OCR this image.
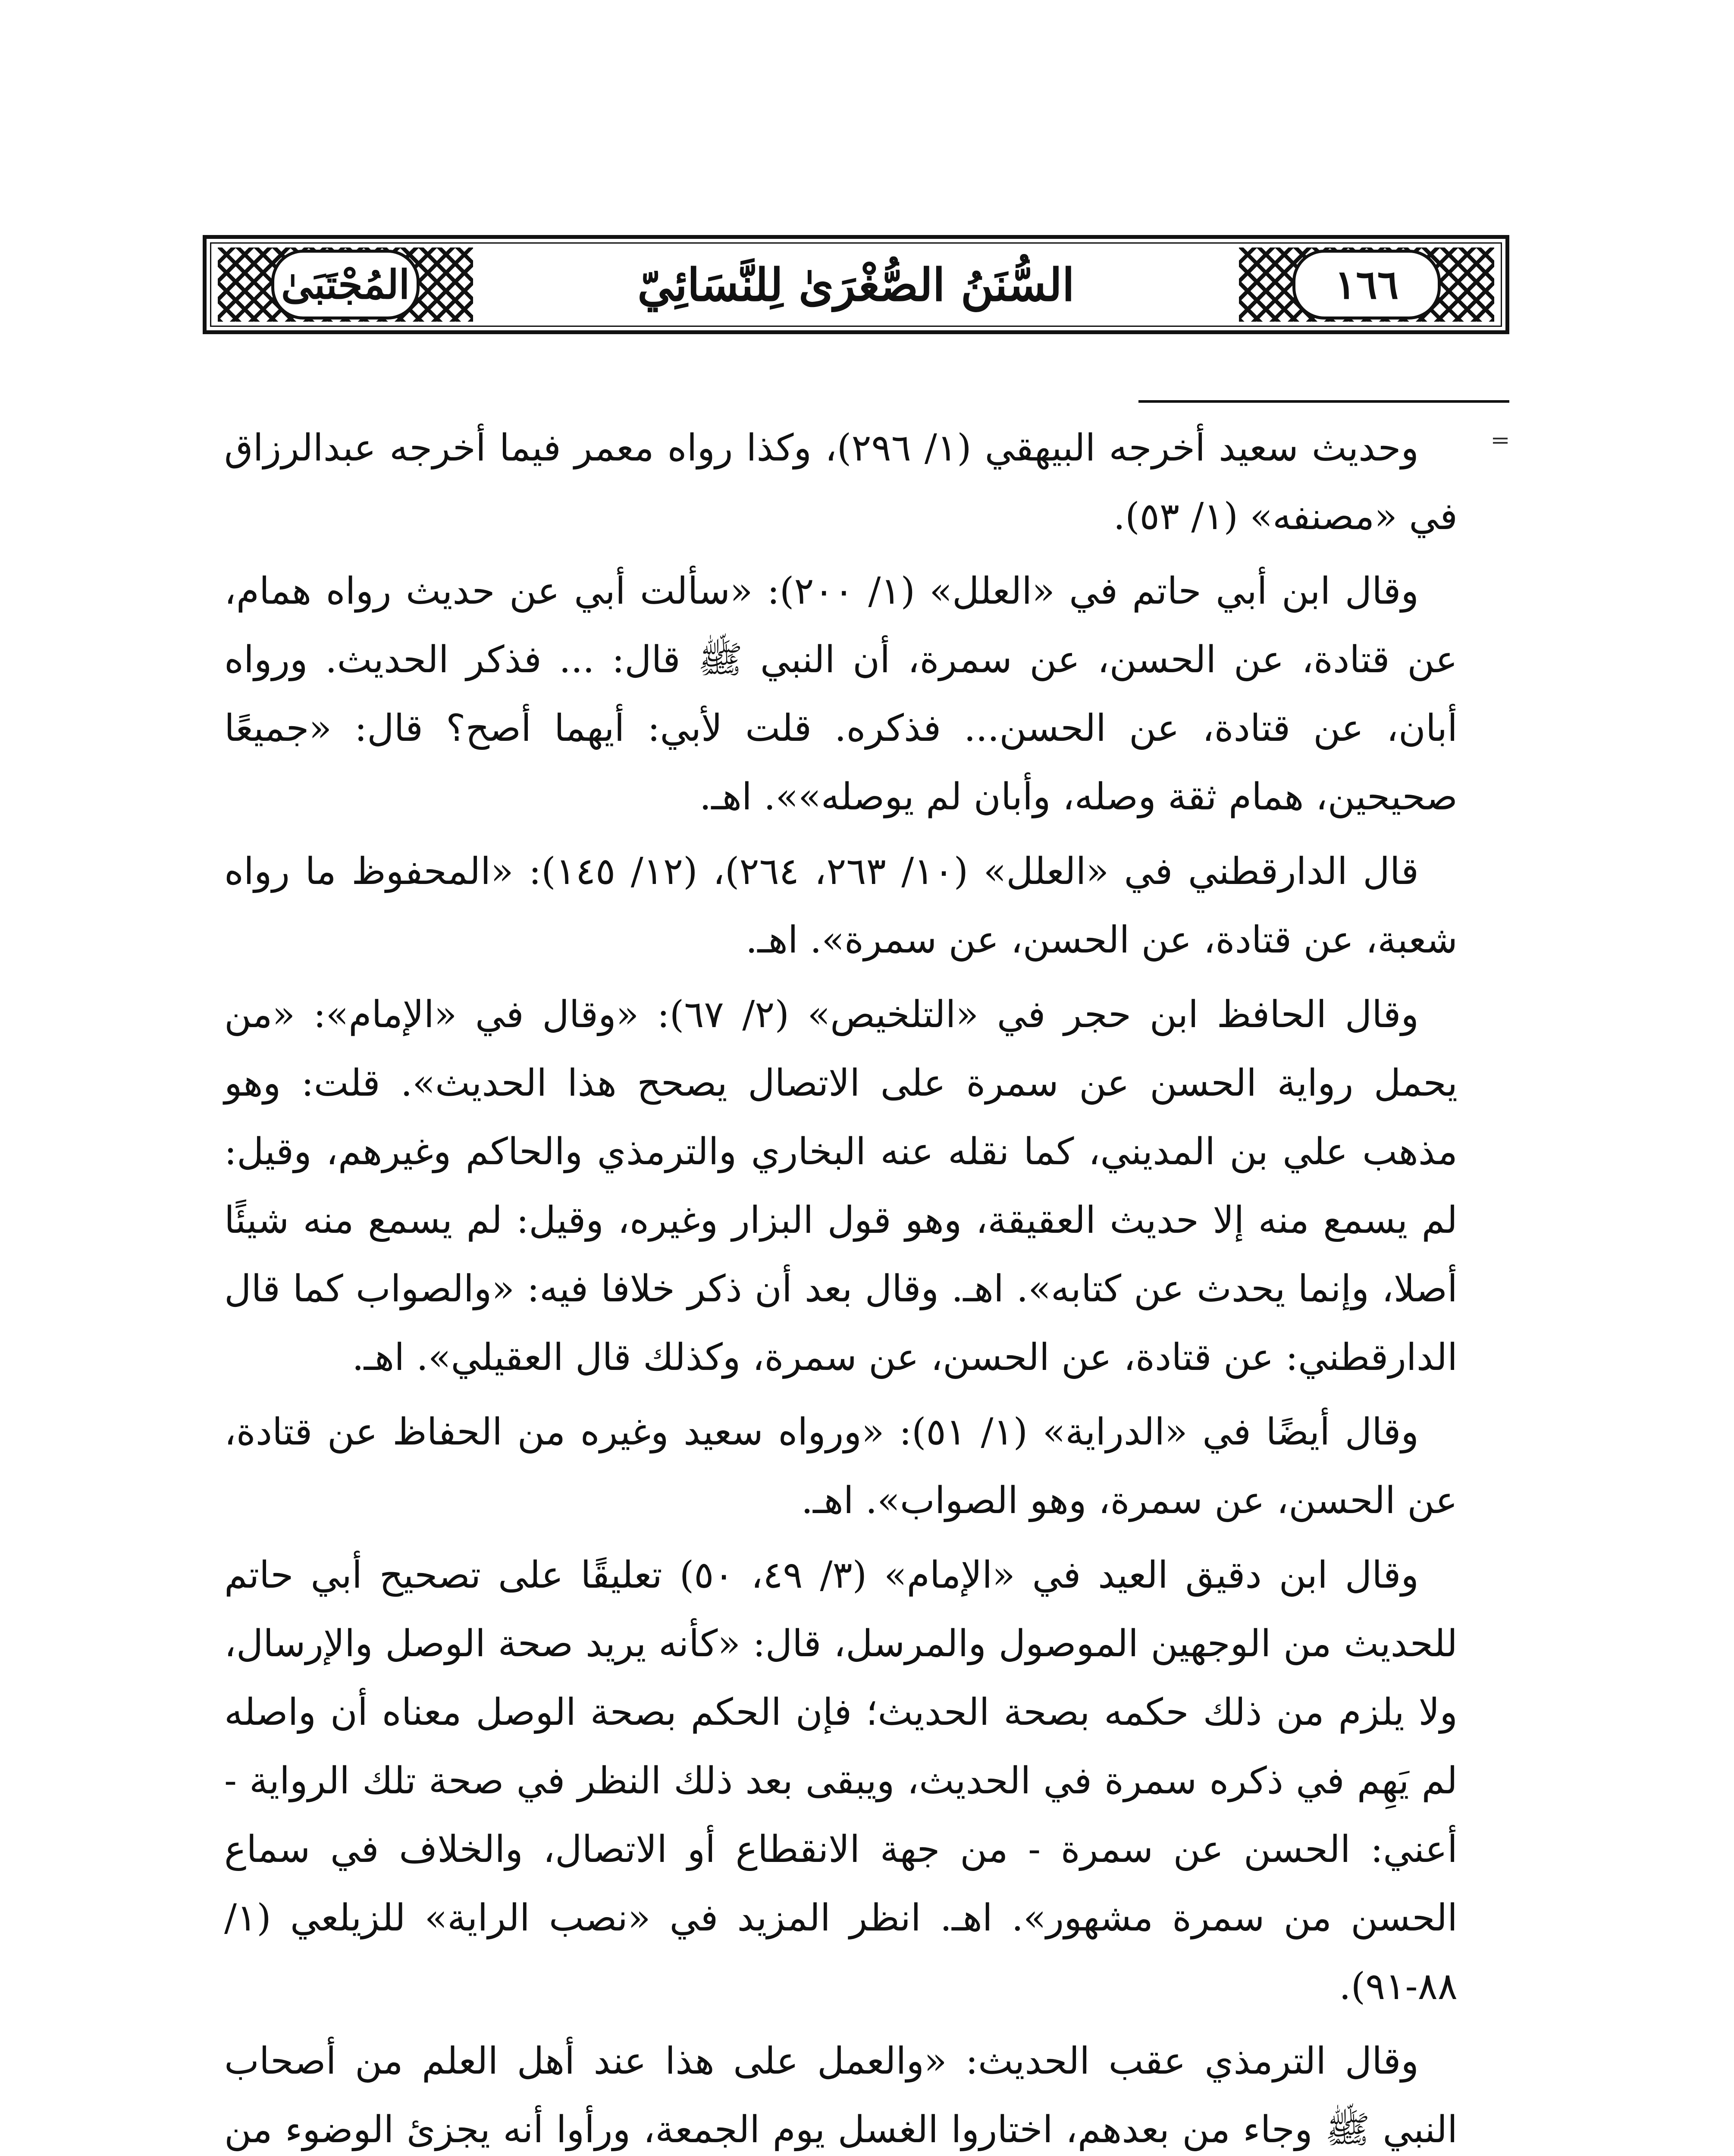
المُجْتَبَىٰ	السُّنَنُ الصُّغْرَىٰ لِلنَّسَائِيّ	١٦٦

وحديث سعيد أخرجه البيهقي (١/ ٢٩٦)، وكذا رواه معمر فيما أخرجه عبدالرزاق في «مصنفه» (١/ ٥٣).

وقال ابن أبي حاتم في «العلل» (١/ ٢٠٠): «سألت أبي عن حديث رواه همام، عن قتادة، عن الحسن، عن سمرة، أن النبي ﷺ قال: ... فذكر الحديث. ورواه أبان، عن قتادة، عن الحسن... فذكره. قلت لأبي: أيهما أصح؟ قال: «جميعًا صحيحين، همام ثقة وصله، وأبان لم يوصله»». اهـ.

قال الدارقطني في «العلل» (١٠/ ٢٦٣، ٢٦٤)، (١٢/ ١٤٥): «المحفوظ ما رواه شعبة، عن قتادة، عن الحسن، عن سمرة». اهـ.

وقال الحافظ ابن حجر في «التلخيص» (٢/ ٦٧): «وقال في «الإمام»: «من يحمل رواية الحسن عن سمرة على الاتصال يصحح هذا الحديث». قلت: وهو مذهب علي بن المديني، كما نقله عنه البخاري والترمذي والحاكم وغيرهم، وقيل: لم يسمع منه إلا حديث العقيقة، وهو قول البزار وغيره، وقيل: لم يسمع منه شيئًا أصلا، وإنما يحدث عن كتابه». اهـ. وقال بعد أن ذكر خلافا فيه: «والصواب كما قال الدارقطني: عن قتادة، عن الحسن، عن سمرة، وكذلك قال العقيلي». اهـ.

وقال أيضًا في «الدراية» (١/ ٥١): «ورواه سعيد وغيره من الحفاظ عن قتادة، عن الحسن، عن سمرة، وهو الصواب». اهـ.

وقال ابن دقيق العيد في «الإمام» (٣/ ٤٩، ٥٠) تعليقًا على تصحيح أبي حاتم للحديث من الوجهين الموصول والمرسل، قال: «كأنه يريد صحة الوصل والإرسال، ولا يلزم من ذلك حكمه بصحة الحديث؛ فإن الحكم بصحة الوصل معناه أن واصله لم يَهِم في ذكره سمرة في الحديث، ويبقى بعد ذلك النظر في صحة تلك الرواية - أعني: الحسن عن سمرة - من جهة الانقطاع أو الاتصال، والخلاف في سماع الحسن من سمرة مشهور». اهـ. انظر المزيد في «نصب الراية» للزيلعي (١/ ٨٨-٩١).

وقال الترمذي عقب الحديث: «والعمل على هذا عند أهل العلم من أصحاب النبي ﷺ وجاء من بعدهم، اختاروا الغسل يوم الجمعة، ورأوا أنه يجزئ الوضوء من
